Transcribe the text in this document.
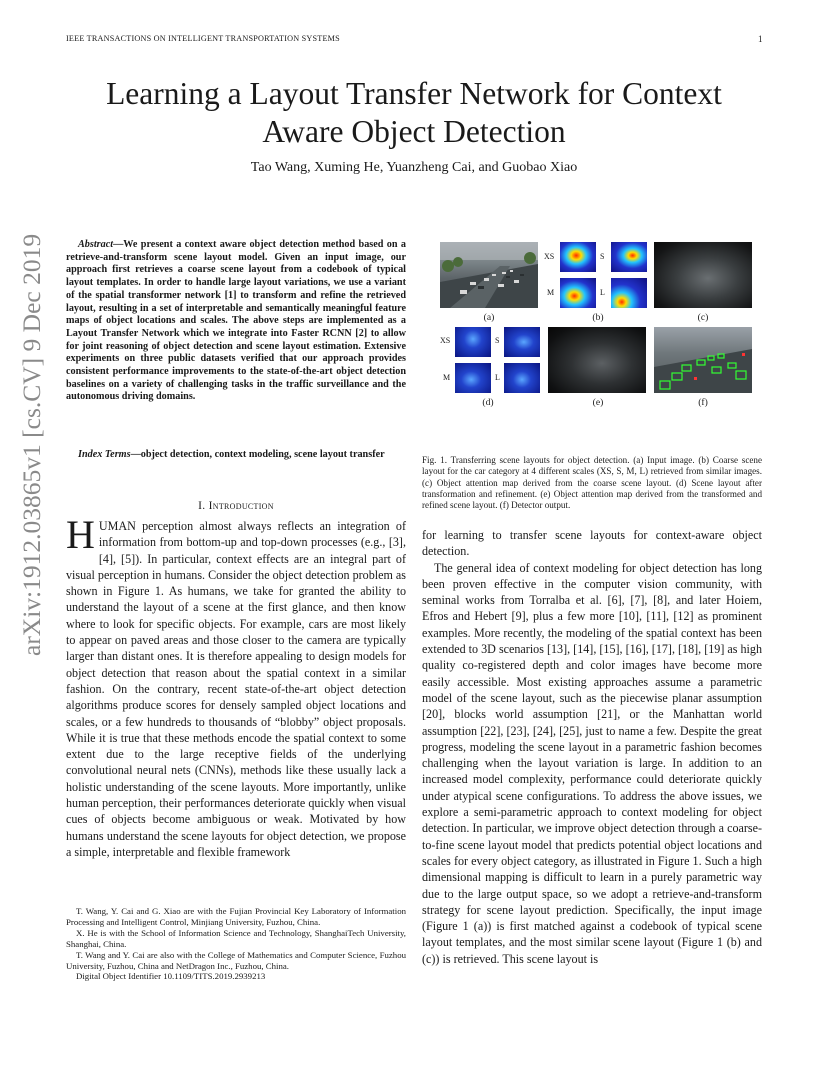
IEEE TRANSACTIONS ON INTELLIGENT TRANSPORTATION SYSTEMS	1
arXiv:1912.03865v1 [cs.CV] 9 Dec 2019
Learning a Layout Transfer Network for Context
Aware Object Detection
Tao Wang, Xuming He, Yuanzheng Cai, and Guobao Xiao

Abstract—We present a context aware object detection method based on a retrieve-and-transform scene layout model. Given an input image, our approach first retrieves a coarse scene layout from a codebook of typical layout templates. In order to handle large layout variations, we use a variant of the spatial transformer network [1] to transform and refine the retrieved layout, resulting in a set of interpretable and semantically meaningful feature maps of object locations and scales. The above steps are implemented as a Layout Transfer Network which we integrate into Faster RCNN [2] to allow for joint reasoning of object detection and scene layout estimation. Extensive experiments on three public datasets verified that our approach provides consistent performance improvements to the state-of-the-art object detection baselines on a variety of challenging tasks in the traffic surveillance and the autonomous driving domains.

Index Terms—object detection, context modeling, scene layout transfer

I. Introduction

HUMAN perception almost always reflects an integration of information from bottom-up and top-down processes (e.g., [3], [4], [5]). In particular, context effects are an integral part of visual perception in humans. Consider the object detection problem as shown in Figure 1. As humans, we take for granted the ability to understand the layout of a scene at the first glance, and then know where to look for specific objects. For example, cars are most likely to appear on paved areas and those closer to the camera are typically larger than distant ones. It is therefore appealing to design models for object detection that reason about the spatial context in a similar fashion. On the contrary, recent state-of-the-art object detection algorithms produce scores for densely sampled object locations and scales, or a few hundreds to thousands of “blobby” object proposals. While it is true that these methods encode the spatial context to some extent due to the large receptive fields of the underlying convolutional neural nets (CNNs), methods like these usually lack a holistic understanding of the scene layouts. More importantly, unlike human perception, their performances deteriorate quickly when visual cues of objects become ambiguous or weak. Motivated by how humans understand the scene layouts for object detection, we propose a simple, interpretable and flexible framework

T. Wang, Y. Cai and G. Xiao are with the Fujian Provincial Key Laboratory of Information Processing and Intelligent Control, Minjiang University, Fuzhou, China.

X. He is with the School of Information Science and Technology, ShanghaiTech University, Shanghai, China.

T. Wang and Y. Cai are also with the College of Mathematics and Computer Science, Fuzhou University, Fuzhou, China and NetDragon Inc., Fuzhou, China.

Digital Object Identifier 10.1109/TITS.2019.2939213

(a)
XS	S
M	L
(b)	(c)
XS	S
M	L
(d)	(e)	(f)
Fig. 1. Transferring scene layouts for object detection. (a) Input image. (b) Coarse scene layout for the car category at 4 different scales (XS, S, M, L) retrieved from similar images. (c) Object attention map derived from the coarse scene layout. (d) Scene layout after transformation and refinement. (e) Object attention map derived from the transformed and refined scene layout. (f) Detector output.

for learning to transfer scene layouts for context-aware object detection.

The general idea of context modeling for object detection has long been proven effective in the computer vision community, with seminal works from Torralba et al. [6], [7], [8], and later Hoiem, Efros and Hebert [9], plus a few more [10], [11], [12] as prominent examples. More recently, the modeling of the spatial context has been extended to 3D scenarios [13], [14], [15], [16], [17], [18], [19] as high quality co-registered depth and color images have become more easily accessible. Most existing approaches assume a parametric model of the scene layout, such as the piecewise planar assumption [20], blocks world assumption [21], or the Manhattan world assumption [22], [23], [24], [25], just to name a few. Despite the great progress, modeling the scene layout in a parametric fashion becomes challenging when the layout variation is large. In addition to an increased model complexity, performance could deteriorate quickly under atypical scene configurations. To address the above issues, we explore a semi-parametric approach to context modeling for object detection. In particular, we improve object detection through a coarse-to-fine scene layout model that predicts potential object locations and scales for every object category, as illustrated in Figure 1. Such a high dimensional mapping is difficult to learn in a purely parametric way due to the large output space, so we adopt a retrieve-and-transform strategy for scene layout prediction. Specifically, the input image (Figure 1 (a)) is first matched against a codebook of typical scene layout templates, and the most similar scene layout (Figure 1 (b) and (c)) is retrieved. This scene layout is
